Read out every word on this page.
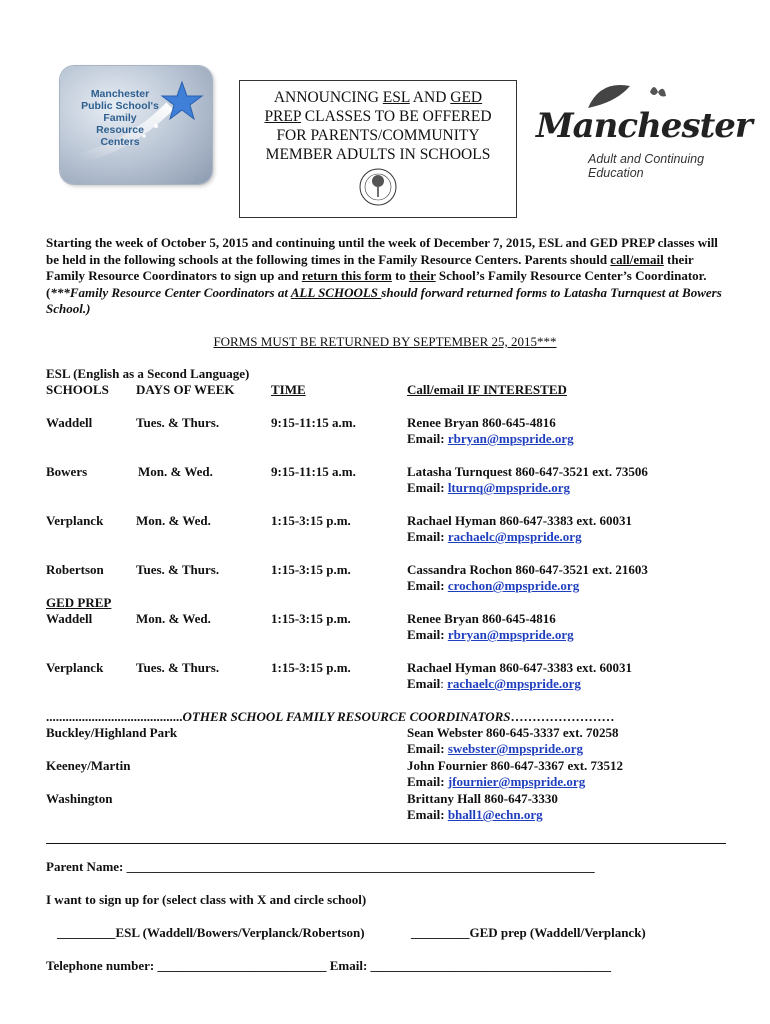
Manchester
Public School's
Family
Resource
Centers
ANNOUNCING ESL AND GED
PREP CLASSES TO BE OFFERED
FOR PARENTS/COMMUNITY
MEMBER ADULTS IN SCHOOLS
Manchester
Adult and Continuing Education
Starting the week of October 5, 2015 and continuing until the week of December 7, 2015, ESL and GED PREP classes will be held in the following schools at the following times in the Family Resource Centers. Parents should call/email their Family Resource Coordinators to sign up and return this form to their School’s Family Resource Center’s Coordinator. (***Family Resource Center Coordinators at ALL SCHOOLS should forward returned forms to Latasha Turnquest at Bowers School.)
FORMS MUST BE RETURNED BY SEPTEMBER 25, 2015***
ESL (English as a Second Language)
SCHOOLS DAYS OF WEEK	TIME	Call/email IF INTERESTED
Waddell	Tues. & Thurs.	9:15-11:15 a.m.	Renee Bryan 860-645-4816
Email: rbryan@mpspride.org
Bowers	Mon. & Wed.	9:15-11:15 a.m.	Latasha Turnquest 860-647-3521 ext. 73506
Email: lturnq@mpspride.org
Verplanck	Mon. & Wed.	1:15-3:15 p.m.	Rachael Hyman 860-647-3383 ext. 60031
Email: rachaelc@mpspride.org
Robertson Tues. & Thurs.	1:15-3:15 p.m.	Cassandra Rochon 860-647-3521 ext. 21603
Email: crochon@mpspride.org
GED PREP
Waddell	Mon. & Wed.	1:15-3:15 p.m.	Renee Bryan 860-645-4816
Email: rbryan@mpspride.org
Verplanck	Tues. & Thurs.	1:15-3:15 p.m.	Rachael Hyman 860-647-3383 ext. 60031
Email: rachaelc@mpspride.org
..........................................OTHER SCHOOL FAMILY RESOURCE COORDINATORS……………………
Buckley/Highland Park	Sean Webster 860-645-3337 ext. 70258
Email: swebster@mpspride.org
Keeney/Martin	John Fournier 860-647-3367 ext. 73512
Email: jfournier@mpspride.org
Washington	Brittany Hall 860-647-3330
Email: bhall1@echn.org
Parent Name: ________________________________________________________________________
I want to sign up for (select class with X and circle school)
_________ESL (Waddell/Bowers/Verplanck/Robertson)	_________GED prep (Waddell/Verplanck)
Telephone number: __________________________ Email: _____________________________________
